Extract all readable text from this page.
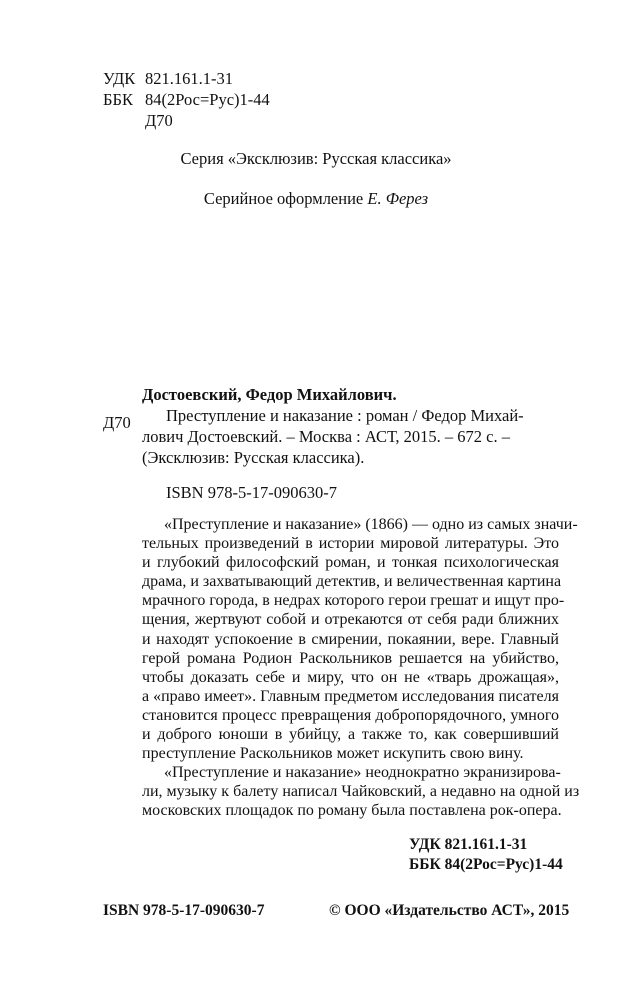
УДК 821.161.1-31
ББК 84(2Рос=Рус)1-44
Д70
Серия «Эксклюзив: Русская классика»
Серийное оформление Е. Ферез
Достоевский, Федор Михайлович.
Д70 Преступление и наказание : роман / Федор Михай-
лович Достоевский. – Москва : АСТ, 2015. – 672 с. –
(Эксклюзив: Русская классика).
ISBN 978-5-17-090630-7
«Преступление и наказание» (1866) — одно из самых значи-
тельных произведений в истории мировой литературы. Это
и глубокий философский роман, и тонкая психологическая
драма, и захватывающий детектив, и величественная картина
мрачного города, в недрах которого герои грешат и ищут про-
щения, жертвуют собой и отрекаются от себя ради ближних
и находят успокоение в смирении, покаянии, вере. Главный
герой романа Родион Раскольников решается на убийство,
чтобы доказать себе и миру, что он не «тварь дрожащая»,
а «право имеет». Главным предметом исследования писателя
становится процесс превращения добропорядочного, умного
и доброго юноши в убийцу, а также то, как совершивший
преступление Раскольников может искупить свою вину.
«Преступление и наказание» неоднократно экранизирова-
ли, музыку к балету написал Чайковский, а недавно на одной из
московских площадок по роману была поставлена рок-опера.
УДК 821.161.1-31
ББК 84(2Рос=Рус)1-44
ISBN 978-5-17-090630-7	© ООО «Издательство АСТ», 2015
